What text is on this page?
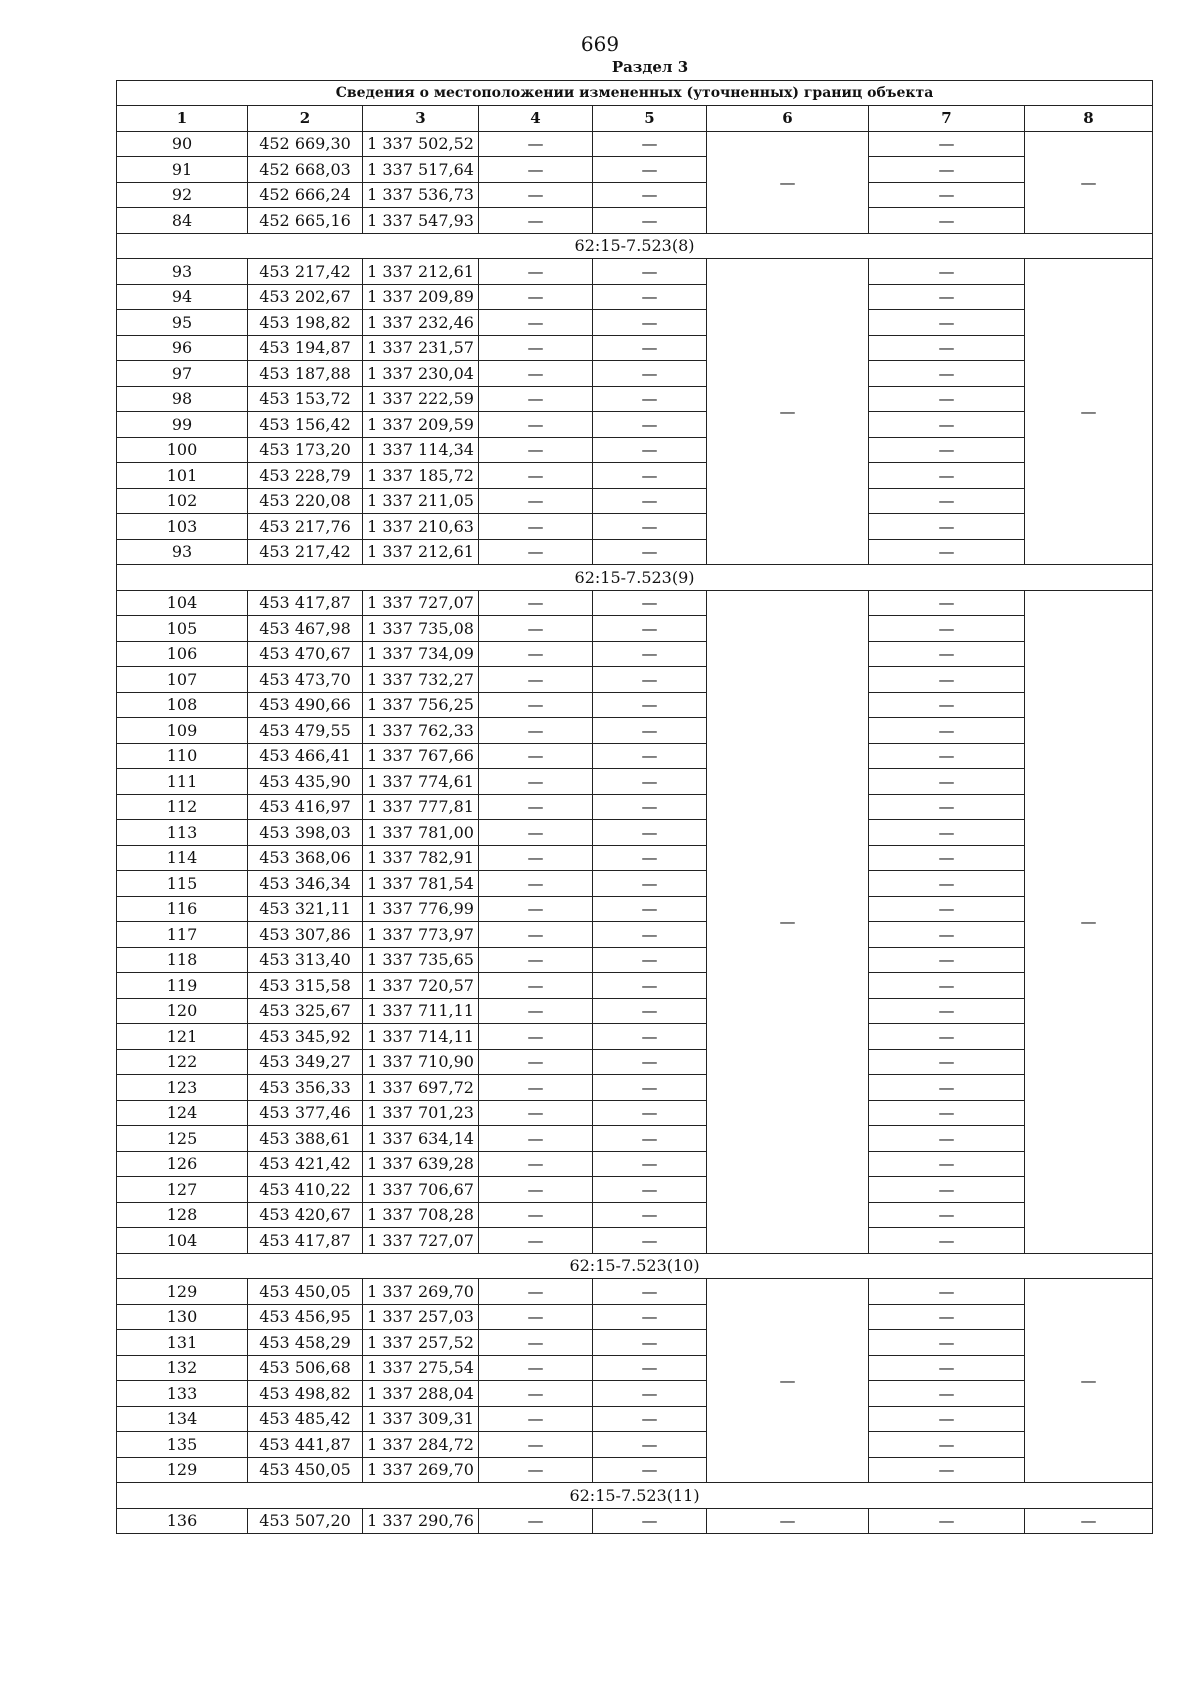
669
Раздел 3
Сведения о местоположении измененных (уточненных) границ объекта							
1	2	3	4	5	6	7	8
90	452 669,30	1 337 502,52	—	—	—	—	—
91	452 668,03	1 337 517,64	—	—		—	
92	452 666,24	1 337 536,73	—	—		—	
84	452 665,16	1 337 547,93	—	—		—	
62:15-7.523(8)							
93	453 217,42	1 337 212,61	—	—	—	—	—
94	453 202,67	1 337 209,89	—	—		—	
95	453 198,82	1 337 232,46	—	—		—	
96	453 194,87	1 337 231,57	—	—		—	
97	453 187,88	1 337 230,04	—	—		—	
98	453 153,72	1 337 222,59	—	—		—	
99	453 156,42	1 337 209,59	—	—		—	
100	453 173,20	1 337 114,34	—	—		—	
101	453 228,79	1 337 185,72	—	—		—	
102	453 220,08	1 337 211,05	—	—		—	
103	453 217,76	1 337 210,63	—	—		—	
93	453 217,42	1 337 212,61	—	—		—	
62:15-7.523(9)							
104	453 417,87	1 337 727,07	—	—	—	—	—
105	453 467,98	1 337 735,08	—	—		—	
106	453 470,67	1 337 734,09	—	—		—	
107	453 473,70	1 337 732,27	—	—		—	
108	453 490,66	1 337 756,25	—	—		—	
109	453 479,55	1 337 762,33	—	—		—	
110	453 466,41	1 337 767,66	—	—		—	
111	453 435,90	1 337 774,61	—	—		—	
112	453 416,97	1 337 777,81	—	—		—	
113	453 398,03	1 337 781,00	—	—		—	
114	453 368,06	1 337 782,91	—	—		—	
115	453 346,34	1 337 781,54	—	—		—	
116	453 321,11	1 337 776,99	—	—		—	
117	453 307,86	1 337 773,97	—	—		—	
118	453 313,40	1 337 735,65	—	—		—	
119	453 315,58	1 337 720,57	—	—		—	
120	453 325,67	1 337 711,11	—	—		—	
121	453 345,92	1 337 714,11	—	—		—	
122	453 349,27	1 337 710,90	—	—		—	
123	453 356,33	1 337 697,72	—	—		—	
124	453 377,46	1 337 701,23	—	—		—	
125	453 388,61	1 337 634,14	—	—		—	
126	453 421,42	1 337 639,28	—	—		—	
127	453 410,22	1 337 706,67	—	—		—	
128	453 420,67	1 337 708,28	—	—		—	
104	453 417,87	1 337 727,07	—	—		—	
62:15-7.523(10)							
129	453 450,05	1 337 269,70	—	—	—	—	—
130	453 456,95	1 337 257,03	—	—		—	
131	453 458,29	1 337 257,52	—	—		—	
132	453 506,68	1 337 275,54	—	—		—	
133	453 498,82	1 337 288,04	—	—		—	
134	453 485,42	1 337 309,31	—	—		—	
135	453 441,87	1 337 284,72	—	—		—	
129	453 450,05	1 337 269,70	—	—		—	
62:15-7.523(11)							
136	453 507,20	1 337 290,76	—	—	—	—	—
